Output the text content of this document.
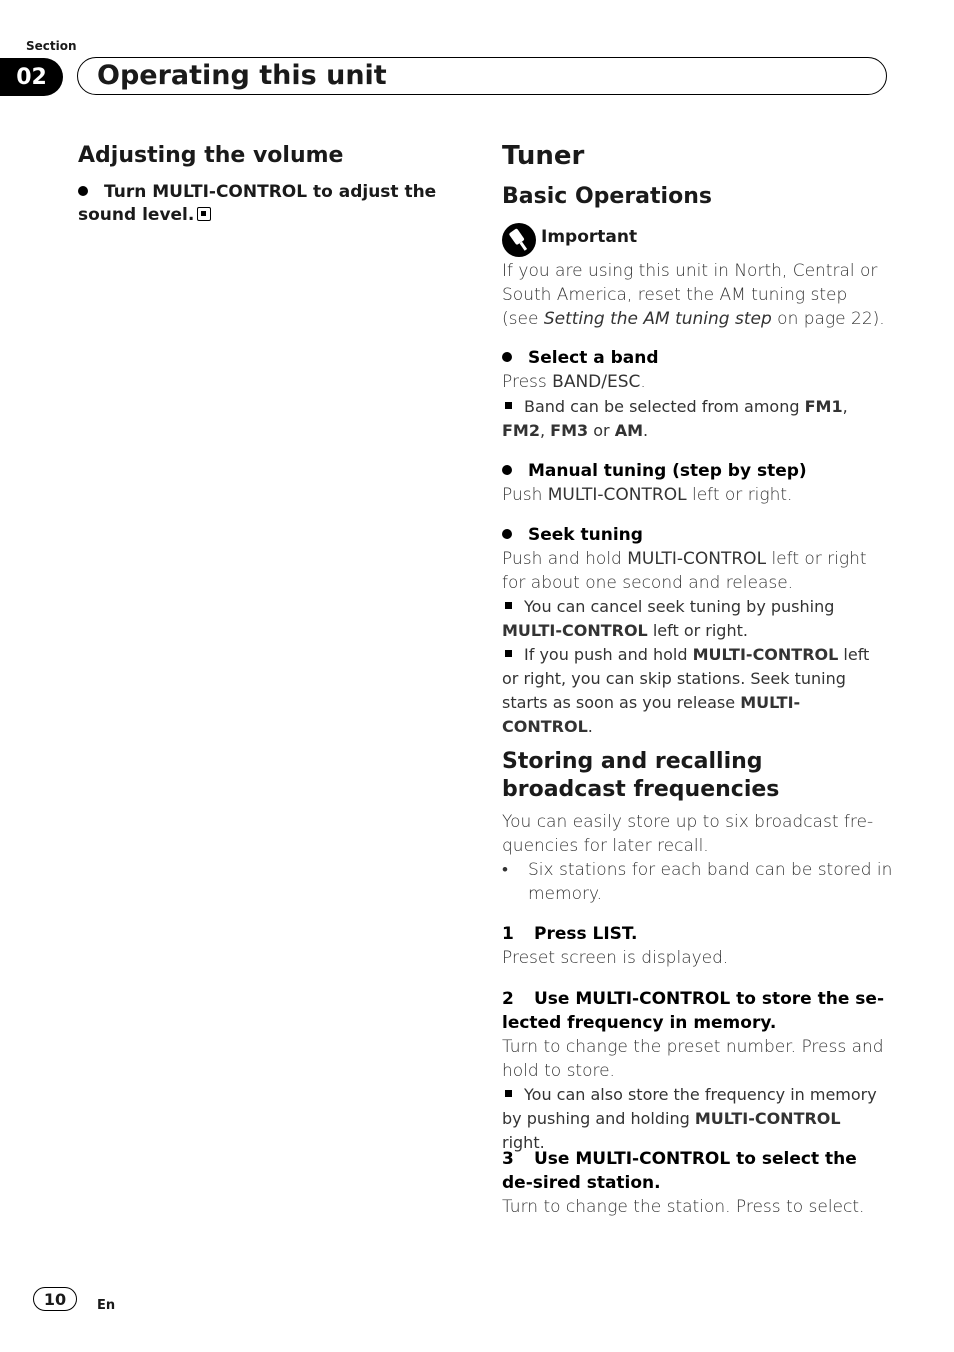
Section
02	Operating this unit
Adjusting the volume
Turn MULTI-CONTROL to adjust the sound level.
Tuner
Basic Operations
Important
If you are using this unit in North, Central or South America, reset the AM tuning step (see Setting the AM tuning step on page 22).
Select a band
Press BAND/ESC.
Band can be selected from among FM1, FM2, FM3 or AM.
Manual tuning (step by step)
Push MULTI-CONTROL left or right.
Seek tuning
Push and hold MULTI-CONTROL left or right for about one second and release.
You can cancel seek tuning by pushing MULTI-CONTROL left or right.
If you push and hold MULTI-CONTROL left or right, you can skip stations. Seek tuning starts as soon as you release MULTI-CONTROL.
Storing and recalling broadcast frequencies
You can easily store up to six broadcast fre-quencies for later recall.
• Six stations for each band can be stored in memory.
1 Press LIST.
Preset screen is displayed.
2 Use MULTI-CONTROL to store the se-lected frequency in memory.
Turn to change the preset number. Press and hold to store.
You can also store the frequency in memory by pushing and holding MULTI-CONTROL right.
3 Use MULTI-CONTROL to select the de-sired station.
Turn to change the station. Press to select.
10	En
